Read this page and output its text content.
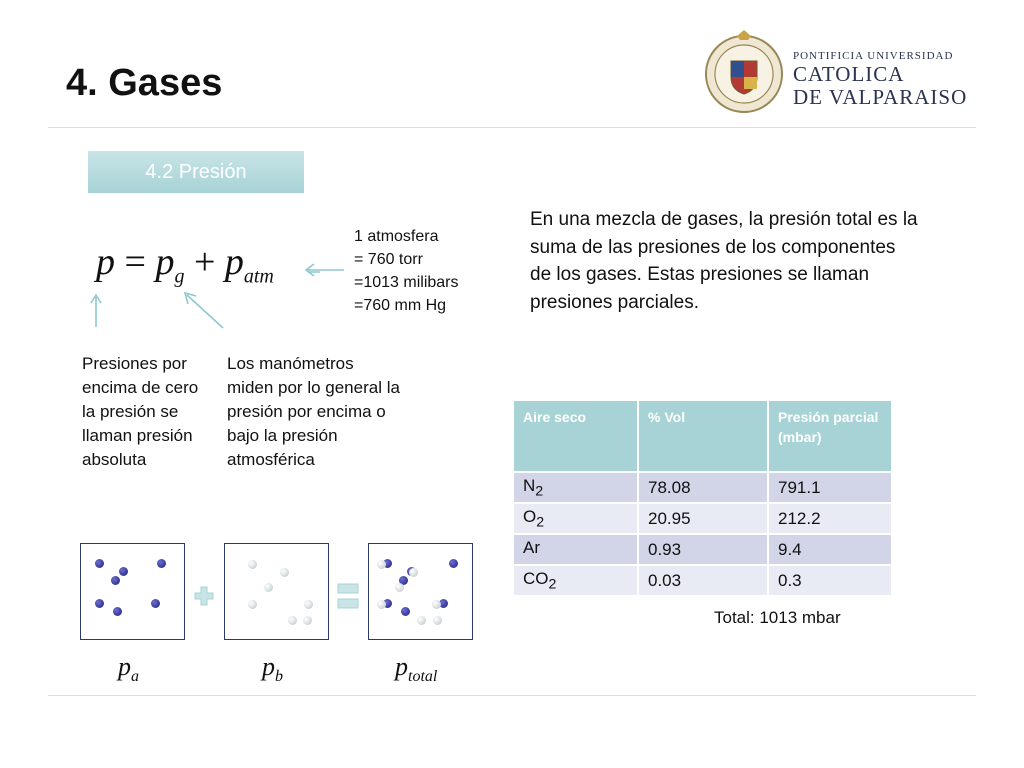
4. Gases
PONTIFICIA UNIVERSIDAD
CATOLICA
DE VALPARAISO
4.2 Presión
$p = p_g + p_{atm}$
1 atmosfera
= 760 torr
=1013 milibars
=760 mm Hg
En una mezcla de gases, la presión total es la suma de las presiones de los componentes de los gases. Estas presiones se llaman presiones parciales.
Presiones por encima de cero la presión se llaman presión absoluta
Los manómetros miden por lo general la presión por encima o bajo la presión atmosférica
$p_a$	$p_b$	$p_{total}$
Aire seco	% Vol	Presión parcial (mbar)
$N_2$	78.08	791.1
$O_2$	20.95	212.2
Ar	0.93	9.4
$CO_2$	0.03	0.3
Total: 1013 mbar
